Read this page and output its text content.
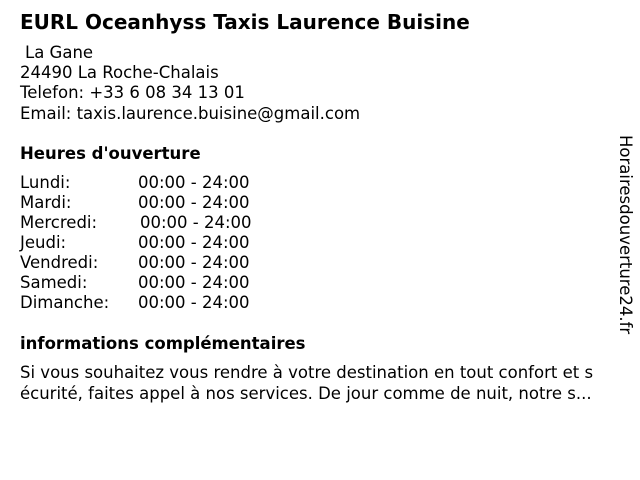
EURL Oceanhyss Taxis Laurence Buisine
La Gane
24490 La Roche-Chalais
Telefon: +33 6 08 34 13 01
Email: taxis.laurence.buisine@gmail.com
Heures d'ouverture
Lundi:	00:00 - 24:00
Mardi:	00:00 - 24:00
Mercredi:	00:00 - 24:00
Jeudi:	00:00 - 24:00
Vendredi: 00:00 - 24:00
Samedi:	00:00 - 24:00
Dimanche: 00:00 - 24:00
informations complémentaires
Si vous souhaitez vous rendre à votre destination en tout confort et s
écurité, faites appel à nos services. De jour comme de nuit, notre s...
Horairesdouverture24.fr
